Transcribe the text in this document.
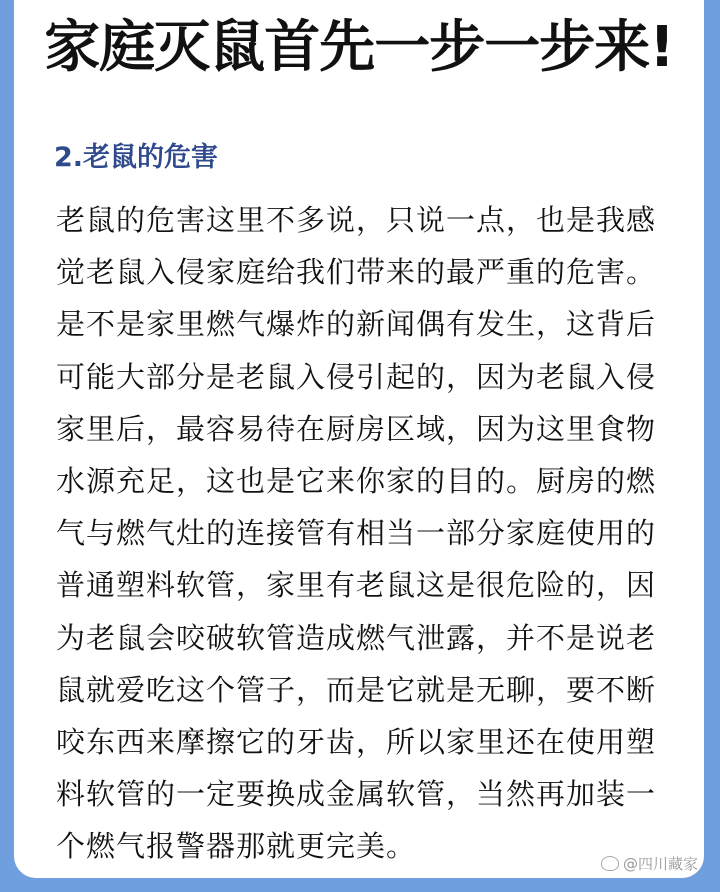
家庭灭鼠首先一步一步来!
2.老鼠的危害
老鼠的危害这里不多说，只说一点，也是我感
觉老鼠入侵家庭给我们带来的最严重的危害。
是不是家里燃气爆炸的新闻偶有发生，这背后
可能大部分是老鼠入侵引起的，因为老鼠入侵
家里后，最容易待在厨房区域，因为这里食物
水源充足，这也是它来你家的目的。厨房的燃
气与燃气灶的连接管有相当一部分家庭使用的
普通塑料软管，家里有老鼠这是很危险的，因
为老鼠会咬破软管造成燃气泄露，并不是说老
鼠就爱吃这个管子，而是它就是无聊，要不断
咬东西来摩擦它的牙齿，所以家里还在使用塑
料软管的一定要换成金属软管，当然再加装一
个燃气报警器那就更完美。
@四川藏家
